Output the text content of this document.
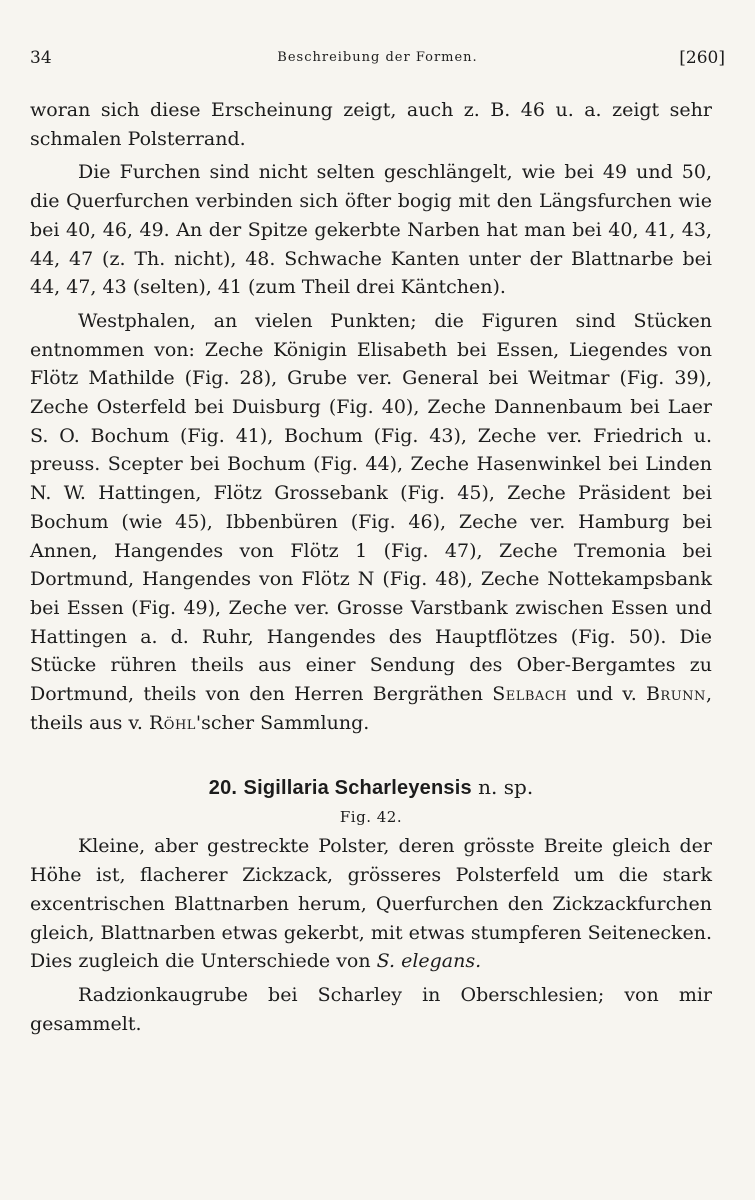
34	Beschreibung der Formen.	[260]

woran sich diese Erscheinung zeigt, auch z. B. 46 u. a. zeigt sehr schmalen Polsterrand.

Die Furchen sind nicht selten geschlängelt, wie bei 49 und 50, die Querfurchen verbinden sich öfter bogig mit den Längsfurchen wie bei 40, 46, 49. An der Spitze gekerbte Narben hat man bei 40, 41, 43, 44, 47 (z. Th. nicht), 48. Schwache Kanten unter der Blattnarbe bei 44, 47, 43 (selten), 41 (zum Theil drei Käntchen).

Westphalen, an vielen Punkten; die Figuren sind Stücken entnommen von: Zeche Königin Elisabeth bei Essen, Liegendes von Flötz Mathilde (Fig. 28), Grube ver. General bei Weitmar (Fig. 39), Zeche Osterfeld bei Duisburg (Fig. 40), Zeche Dannenbaum bei Laer S. O. Bochum (Fig. 41), Bochum (Fig. 43), Zeche ver. Friedrich u. preuss. Scepter bei Bochum (Fig. 44), Zeche Hasenwinkel bei Linden N. W. Hattingen, Flötz Grossebank (Fig. 45), Zeche Präsident bei Bochum (wie 45), Ibbenbüren (Fig. 46), Zeche ver. Hamburg bei Annen, Hangendes von Flötz 1 (Fig. 47), Zeche Tremonia bei Dortmund, Hangendes von Flötz N (Fig. 48), Zeche Nottekampsbank bei Essen (Fig. 49), Zeche ver. Grosse Varstbank zwischen Essen und Hattingen a. d. Ruhr, Hangendes des Hauptflötzes (Fig. 50). Die Stücke rühren theils aus einer Sendung des Ober-Bergamtes zu Dortmund, theils von den Herren Bergräthen Selbach und v. Brunn, theils aus v. Röhl'scher Sammlung.

20. Sigillaria Scharleyensis n. sp.
Fig. 42.

Kleine, aber gestreckte Polster, deren grösste Breite gleich der Höhe ist, flacherer Zickzack, grösseres Polsterfeld um die stark excentrischen Blattnarben herum, Querfurchen den Zickzackfurchen gleich, Blattnarben etwas gekerbt, mit etwas stumpferen Seitenecken. Dies zugleich die Unterschiede von S. elegans.

Radzionkaugrube bei Scharley in Oberschlesien; von mir gesammelt.
